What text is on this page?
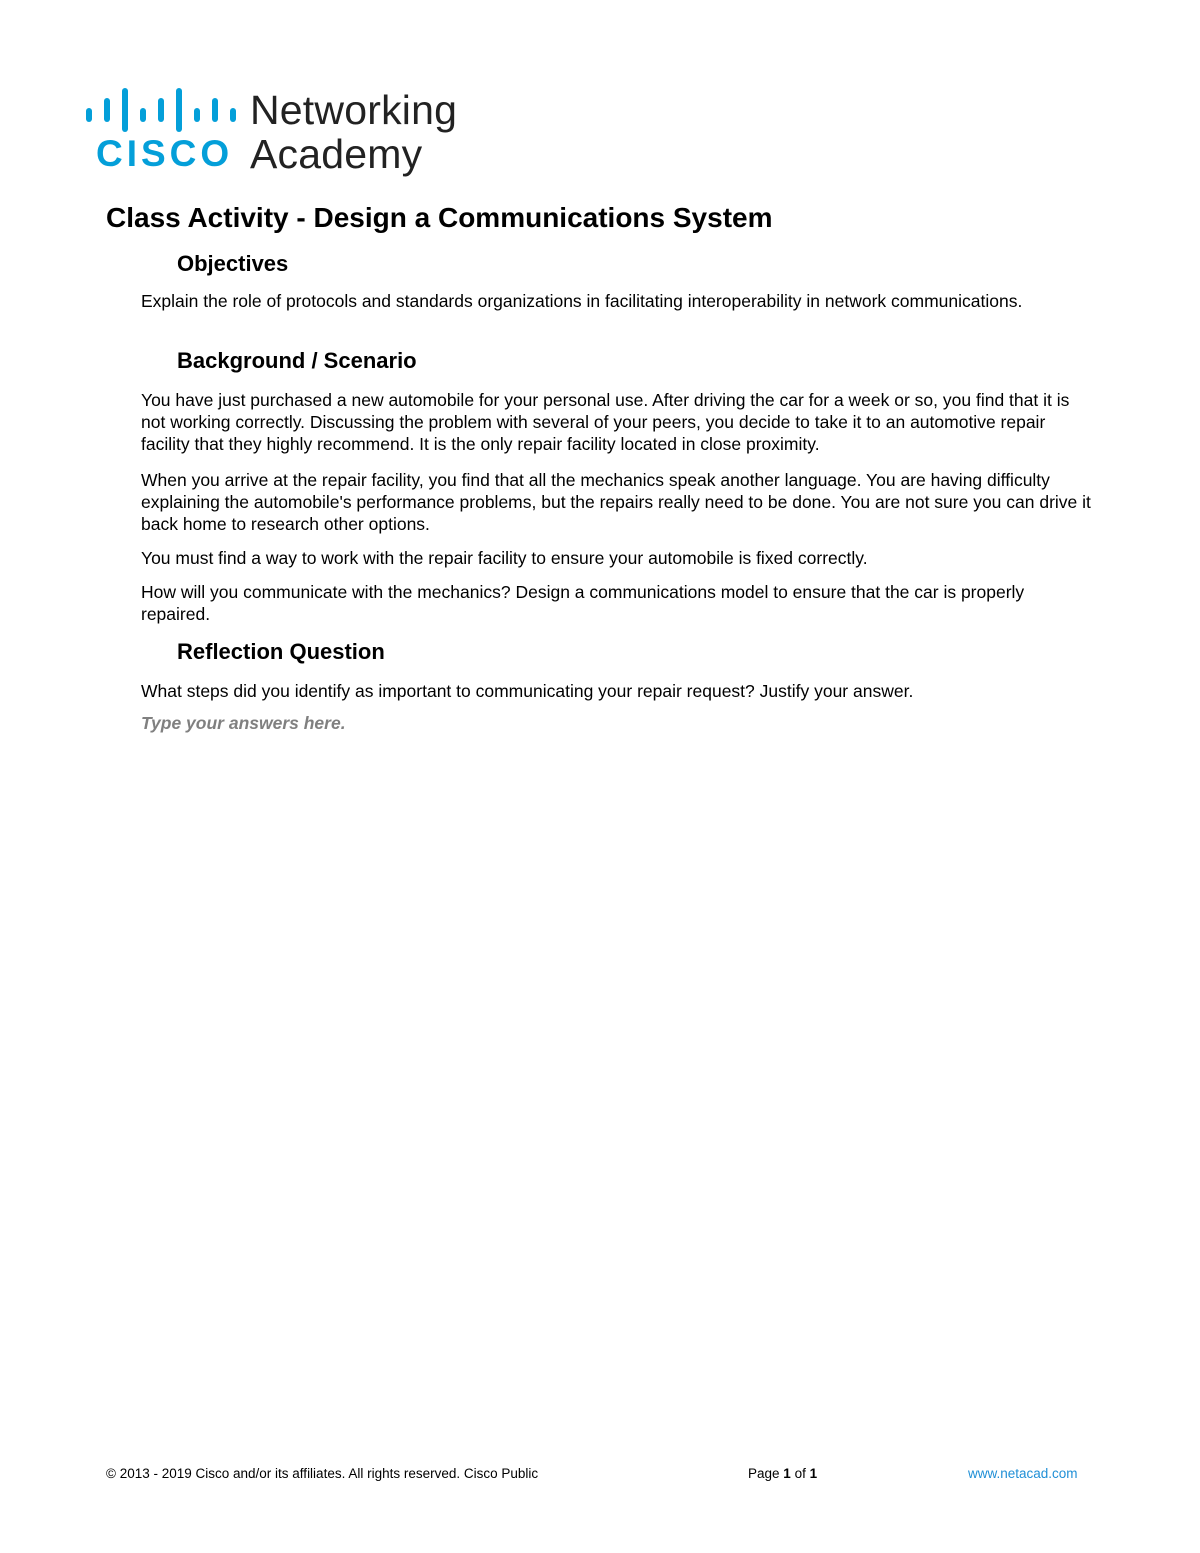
CISCO
Networking
Academy
Class Activity - Design a Communications System
Objectives

Explain the role of protocols and standards organizations in facilitating interoperability in network communications.

Background / Scenario

You have just purchased a new automobile for your personal use. After driving the car for a week or so, you find that it is not working correctly. Discussing the problem with several of your peers, you decide to take it to an automotive repair facility that they highly recommend. It is the only repair facility located in close proximity.

When you arrive at the repair facility, you find that all the mechanics speak another language. You are having difficulty explaining the automobile's performance problems, but the repairs really need to be done. You are not sure you can drive it back home to research other options.

You must find a way to work with the repair facility to ensure your automobile is fixed correctly.

How will you communicate with the mechanics? Design a communications model to ensure that the car is properly repaired.

Reflection Question

What steps did you identify as important to communicating your repair request? Justify your answer.

Type your answers here.

© 2013 - 2019 Cisco and/or its affiliates. All rights reserved. Cisco Public	Page 1 of 1	www.netacad.com
